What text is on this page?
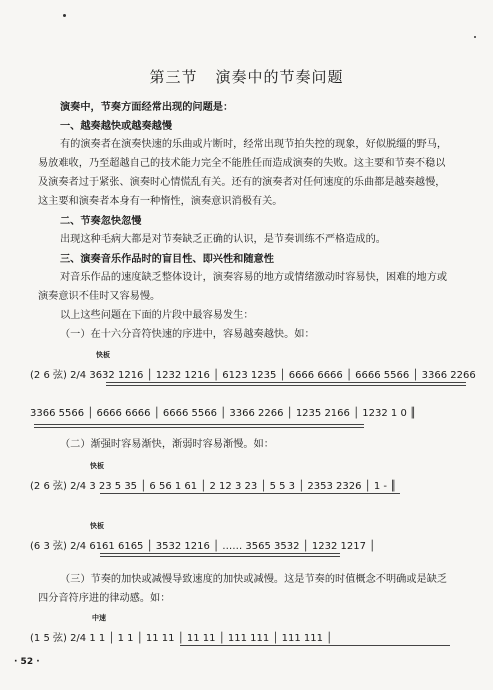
第三节 演奏中的节奏问题
演奏中，节奏方面经常出现的问题是：
一、越奏越快或越奏越慢
有的演奏者在演奏快速的乐曲或片断时，经常出现节拍失控的现象，好似脱缰的野马，
易放难收，乃至超越自己的技术能力完全不能胜任而造成演奏的失败。这主要和节奏不稳以
及演奏者过于紧张、演奏时心情慌乱有关。还有的演奏者对任何速度的乐曲都是越奏越慢，
这主要和演奏者本身有一种惰性，演奏意识消极有关。
二、节奏忽快忽慢
出现这种毛病大都是对节奏缺乏正确的认识，是节奏训练不严格造成的。
三、演奏音乐作品时的盲目性、即兴性和随意性
对音乐作品的速度缺乏整体设计，演奏容易的地方或情绪激动时容易快，困难的地方或
演奏意识不佳时又容易慢。
以上这些问题在下面的片段中最容易发生：
（一）在十六分音符快速的序进中，容易越奏越快。如：
快板
(2 6 弦) 2/4 3632 1216 │ 1232 1216 │ 6123 1235 │ 6666 6666 │ 6666 5566 │ 3366 2266
3366 5566 │ 6666 6666 │ 6666 5566 │ 3366 2266 │ 1235 2166 │ 1232 1 0 ║
（二）渐强时容易渐快，渐弱时容易渐慢。如：
快板
(2 6 弦) 2/4 3 23 5 35 │ 6 56 1 61 │ 2 12 3 23 │ 5 5 3 │ 2353 2326 │ 1 - ║
快板
(6 3 弦) 2/4 6161 6165 │ 3532 1216 │ …… 3565 3532 │ 1232 1217 │
（三）节奏的加快或减慢导致速度的加快或减慢。这是节奏的时值概念不明确或是缺乏
四分音符序进的律动感。如：
中速
(1 5 弦) 2/4 1 1 │ 1 1 │ 11 11 │ 11 11 │ 111 111 │ 111 111 │
· 52 ·
